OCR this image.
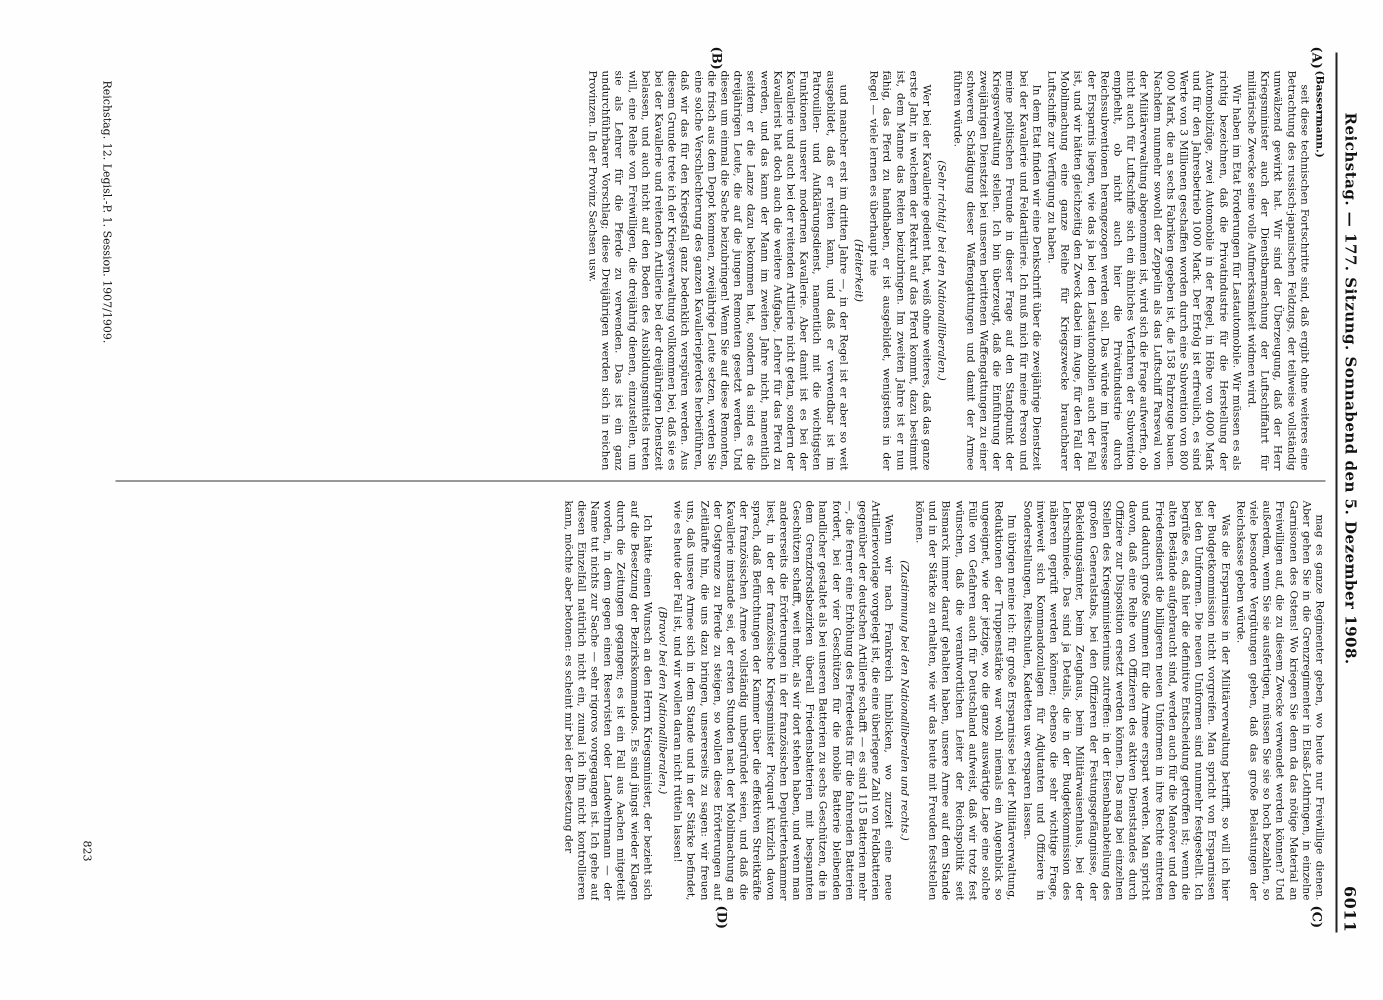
Reichstag. — 177. Sitzung. Sonnabend den 5. Dezember 1908.
6011
(A)
(B)
(C)
(D)

(Bassermann.)

seit diese technischen Fortschritte sind, daß ergibt ohne weiteres eine Betrachtung des russisch-japanischen Feldzugs, der teilweise vollständig umwälzend gewirkt hat. Wir sind der Überzeugung, daß der Herr Kriegsminister auch der Dienstbarmachung der Luftschiffahrt für militärische Zwecke seine volle Aufmerksamkeit widmen wird.

Wir haben im Etat Forderungen für Lastautomobile. Wir müssen es als richtig bezeichnen, daß die Privatindustrie für die Herstellung der Automobilzüge, zwei Automobile in der Regel, in Höhe von 4000 Mark und für den Jahresbetrieb 1000 Mark. Der Erfolg ist erfreulich, es sind Werte von 3 Millionen geschaffen worden durch eine Subvention von 800 000 Mark, die an sechs Fabriken gegeben ist, die 158 Fahrzeuge bauen. Nachdem nunmehr sowohl der Zeppelin als das Luftschiff Parseval von der Militärverwaltung abgenommen ist, wird sich die Frage aufwerfen, ob nicht auch für Luftschiffe sich ein ähnliches Verfahren der Subvention empfiehlt, ob nicht auch hier die Privatindustrie durch Reichssubventionen herangezogen werden soll. Das würde im Interesse der Ersparnis liegen, wie das ja bei den Lastautomobilen auch der Fall ist, und wir hätten gleichzeitig den Zweck dabei im Auge, für den Fall der Mobilmachung eine ganze Reihe für Kriegszwecke brauchbarer Luftschiffe zur Verfügung zu haben.

In dem Etat finden wir eine Denkschrift über die zweijährige Dienstzeit bei der Kavallerie und Feldartillerie. Ich muß mich für meine Person und meine politischen Freunde in dieser Frage auf den Standpunkt der Kriegsverwaltung stellen. Ich bin überzeugt, daß die Einführung der zweijährigen Dienstzeit bei unseren berittenen Waffengattungen zu einer schweren Schädigung dieser Waffengattungen und damit der Armee führen würde.

(Sehr richtig! bei den Nationalliberalen.)

Wer bei der Kavallerie gedient hat, weiß ohne weiteres, daß das ganze erste Jahr, in welchem der Rekrut auf das Pferd kommt, dazu bestimmt ist, dem Manne das Reiten beizubringen. Im zweiten Jahre ist er nun fähig, das Pferd zu handhaben, er ist ausgebildet, wenigstens in der Regel — viele lernen es überhaupt nie

(Heiterkeit)

und mancher erst im dritten Jahre —, in der Regel ist er aber so weit ausgebildet, daß er reiten kann, und daß er verwendbar ist im Patrouillen- und Aufklärungsdienst, namentlich mit die wichtigsten Funktionen unserer modernen Kavallerie. Aber damit ist es bei der Kavallerie und auch bei der reitenden Artillerie nicht getan, sondern der Kavallerist hat doch auch die weitere Aufgabe, Lehrer für das Pferd zu werden, und das kann der Mann im zweiten Jahre nicht, namentlich seitdem er die Lanze dazu bekommen hat, sondern da sind es die dreijährigen Leute, die auf die jungen Remonten gesetzt werden. Und diesen um einmal die Sache beizubringen! Wenn Sie auf diese Remonten, die frisch aus dem Depot kommen, zweijährige Leute setzen, werden Sie eine solche Verschlechterung des ganzen Kavalleriepferdes herbeiführen, daß wir das für den Kriegsfall ganz bedenklich verspüren werden. Aus diesem Grunde trete ich der Kriegsverwaltung vollkommen bei, daß sie es bei der Kavallerie und reitenden Artillerie bei der dreijährigen Dienstzeit belassen, und auch nicht auf den Boden des Ausbildungsmittels treten will, eine Reihe von Freiwilligen, die dreijährig dienen, einzustellen, um sie als Lehrer für die Pferde zu verwenden. Das ist ein ganz undurchführbarer Vorschlag; diese Dreijährigen werden sich in reichen Provinzen. In der Provinz Sachsen usw.

mag es ganze Regimenter geben, wo heute nur Freiwillige dienen. Aber gehen Sie in die Grenzregimenter in Elsaß-Lothringen, in einzelne Garnisonen des Ostens! Wo kriegen Sie denn da das nötige Material an Freiwilligen auf, die zu diesem Zwecke verwendet werden können? Und außerdem, wenn Sie sie ausfertigen, müssen Sie sie so hoch bezahlen, so viele besondere Vergütungen geben, daß das große Belastungen der Reichskasse geben würde.

Was die Ersparnisse in der Militärverwaltung betrifft, so will ich hier der Budgetkommission nicht vorgreifen. Man spricht von Ersparnissen bei den Uniformen. Die neuen Uniformen sind nunmehr festgestellt. Ich begrüße es, daß hier die definitive Entscheidung getroffen ist; wenn die alten Bestände aufgebraucht sind, werden auch für die Manöver und den Friedensdienst die billigeren neuen Uniformen in ihre Rechte eintreten und dadurch große Summen für die Armee erspart werden. Man spricht davon, daß eine Reihe von Offizieren des aktiven Dienststandes durch Offiziere zur Disposition ersetzt werden können. Das mag bei einzelnen Stellen des Kriegsministeriums zutreffen: in der Eisenbahnabteilung des großen Generalstabs, bei den Offizieren der Festungsgefängnisse, der Bekleidungsämter, beim Zeughaus, beim Militärwaisenhaus, bei der Lehrschmiede. Das sind ja Details, die in der Budgetkommission des näheren geprüft werden können; ebenso die sehr wichtige Frage, inwieweit sich Kommandozulagen für Adjutanten und Offiziere in Sonderstellungen, Reitschulen, Kadetten usw. ersparen lassen.

Im übrigen meine ich: für große Ersparnisse bei der Militärverwaltung, Reduktionen der Truppenstärke war wohl niemals ein Augenblick so ungeeignet, wie der jetzige, wo die ganze auswärtige Lage eine solche Fülle von Gefahren auch für Deutschland aufweist, daß wir trotz fest wünschen, daß die verantwortlichen Leiter der Reichspolitik seit Bismarck immer darauf gehalten haben, unsere Armee auf dem Stande und in der Stärke zu erhalten, wie wir das heute mit Freuden feststellen können.

(Zustimmung bei den Nationalliberalen und rechts.)

Wenn wir nach Frankreich hinblicken, wo zurzeit eine neue Artillerievorlage vorgelegt ist, die eine überlegene Zahl von Feldbatterien gegenüber der deutschen Artillerie schafft — es sind 115 Batterien mehr —, die ferner eine Erhöhung des Pferdeetats für die fahrenden Batterien fordert, bei der vier Geschützen für die mobile Batterie bleibenden handlicher gestaltet als bei unseren Batterien zu sechs Geschützen, die in dem Grenzforsdsbezirken überall Friedensbatterien mit bespannten Geschützen schafft, weit mehr, als wir dort stehen haben, und wenn man andererseits die Erörterungen in der französischen Deputiertenkammer liest, in der der französische Kriegsminister Picquart kürzlich davon sprach, daß Befürchtungen der Kammer über die effektiven Streitkräfte der französischen Armee vollständig unbegründet seien, und daß die Kavallerie imstande sei, der ersten Stunden nach der Mobilmachung an der Ostgrenze zu Pferde zu steigen, so wollen diese Erörterungen auf Zeitläufte hin, die uns dazu bringen, unsererseits zu sagen: wir freuen uns, daß unsere Armee sich in dem Stande und in der Stärke befindet, wie es heute der Fall ist, und wir wollen daran nicht rütteln lassen!

(Bravo! bei den Nationalliberalen.)

Ich hätte einen Wunsch an den Herrn Kriegsminister, der bezieht sich auf die Besetzung der Bezirkskommandos. Es sind jüngst wieder Klagen durch die Zeitungen gegangen; es ist ein Fall aus Aachen mitgeteilt worden, in dem gegen einen Reservisten oder Landwehrmann — der Name tut nichts zur Sache — sehr rigoros vorgegangen ist. Ich gehe auf diesen Einzelfall natürlich nicht ein, zumal ich ihn nicht kontrollieren kann, möchte aber betonen: es scheint mir bei der Besetzung der

Reichstag. 12. Legisl.-P. 1. Session. 1907/1909.
823
